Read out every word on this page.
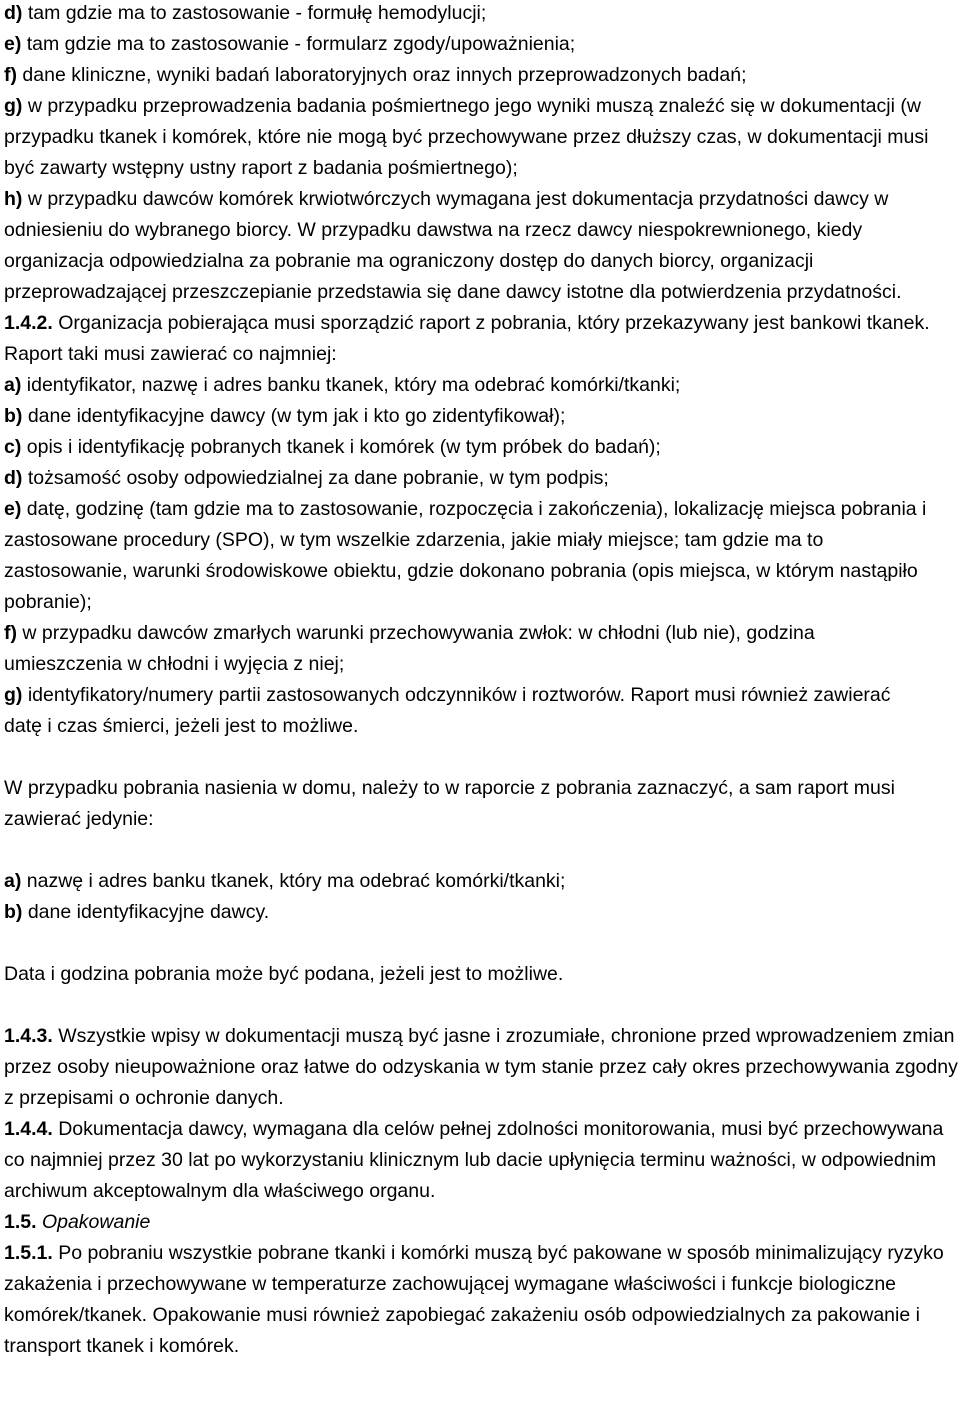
d) tam gdzie ma to zastosowanie - formułę hemodylucji;
e) tam gdzie ma to zastosowanie - formularz zgody/upoważnienia;
f) dane kliniczne, wyniki badań laboratoryjnych oraz innych przeprowadzonych badań;
g) w przypadku przeprowadzenia badania pośmiertnego jego wyniki muszą znaleźć się w dokumentacji (w przypadku tkanek i komórek, które nie mogą być przechowywane przez dłuższy czas, w dokumentacji musi być zawarty wstępny ustny raport z badania pośmiertnego);
h) w przypadku dawców komórek krwiotwórczych wymagana jest dokumentacja przydatności dawcy w odniesieniu do wybranego biorcy. W przypadku dawstwa na rzecz dawcy niespokrewnionego, kiedy organizacja odpowiedzialna za pobranie ma ograniczony dostęp do danych biorcy, organizacji przeprowadzającej przeszczepianie przedstawia się dane dawcy istotne dla potwierdzenia przydatności.
1.4.2. Organizacja pobierająca musi sporządzić raport z pobrania, który przekazywany jest bankowi tkanek. Raport taki musi zawierać co najmniej:
a) identyfikator, nazwę i adres banku tkanek, który ma odebrać komórki/tkanki;
b) dane identyfikacyjne dawcy (w tym jak i kto go zidentyfikował);
c) opis i identyfikację pobranych tkanek i komórek (w tym próbek do badań);
d) tożsamość osoby odpowiedzialnej za dane pobranie, w tym podpis;
e) datę, godzinę (tam gdzie ma to zastosowanie, rozpoczęcia i zakończenia), lokalizację miejsca pobrania i zastosowane procedury (SPO), w tym wszelkie zdarzenia, jakie miały miejsce; tam gdzie ma to zastosowanie, warunki środowiskowe obiektu, gdzie dokonano pobrania (opis miejsca, w którym nastąpiło pobranie);
f) w przypadku dawców zmarłych warunki przechowywania zwłok: w chłodni (lub nie), godzina umieszczenia w chłodni i wyjęcia z niej;
g) identyfikatory/numery partii zastosowanych odczynników i roztworów. Raport musi również zawierać datę i czas śmierci, jeżeli jest to możliwe.
W przypadku pobrania nasienia w domu, należy to w raporcie z pobrania zaznaczyć, a sam raport musi zawierać jedynie:
a) nazwę i adres banku tkanek, który ma odebrać komórki/tkanki;
b) dane identyfikacyjne dawcy.
Data i godzina pobrania może być podana, jeżeli jest to możliwe.
1.4.3. Wszystkie wpisy w dokumentacji muszą być jasne i zrozumiałe, chronione przed wprowadzeniem zmian przez osoby nieupoważnione oraz łatwe do odzyskania w tym stanie przez cały okres przechowywania zgodny z przepisami o ochronie danych.
1.4.4. Dokumentacja dawcy, wymagana dla celów pełnej zdolności monitorowania, musi być przechowywana co najmniej przez 30 lat po wykorzystaniu klinicznym lub dacie upłynięcia terminu ważności, w odpowiednim archiwum akceptowalnym dla właściwego organu.
1.5. Opakowanie
1.5.1. Po pobraniu wszystkie pobrane tkanki i komórki muszą być pakowane w sposób minimalizujący ryzyko zakażenia i przechowywane w temperaturze zachowującej wymagane właściwości i funkcje biologiczne komórek/tkanek. Opakowanie musi również zapobiegać zakażeniu osób odpowiedzialnych za pakowanie i transport tkanek i komórek.
